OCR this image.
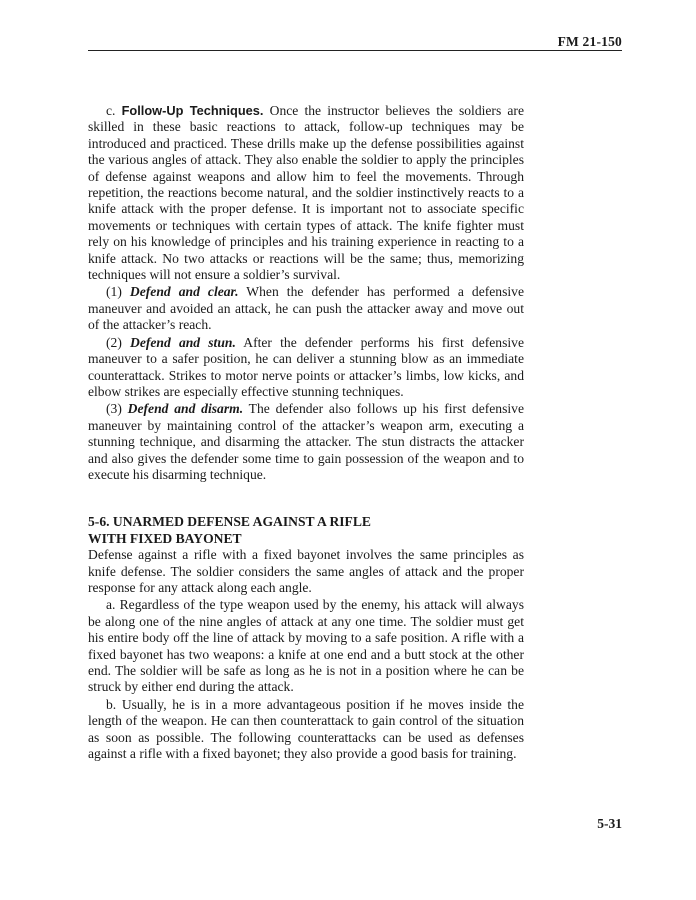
FM 21-150

c. Follow-Up Techniques. Once the instructor believes the soldiers are skilled in these basic reactions to attack, follow-up techniques may be introduced and practiced. These drills make up the defense possibilities against the various angles of attack. They also enable the soldier to apply the principles of defense against weapons and allow him to feel the movements. Through repetition, the reactions become natural, and the soldier instinctively reacts to a knife attack with the proper defense. It is important not to associate specific movements or techniques with certain types of attack. The knife fighter must rely on his knowledge of principles and his training experience in reacting to a knife attack. No two attacks or reactions will be the same; thus, memorizing techniques will not ensure a soldier’s survival.

(1) Defend and clear. When the defender has performed a defensive maneuver and avoided an attack, he can push the attacker away and move out of the attacker’s reach.

(2) Defend and stun. After the defender performs his first defensive maneuver to a safer position, he can deliver a stunning blow as an immediate counterattack. Strikes to motor nerve points or attacker’s limbs, low kicks, and elbow strikes are especially effective stunning techniques.

(3) Defend and disarm. The defender also follows up his first defensive maneuver by maintaining control of the attacker’s weapon arm, executing a stunning technique, and disarming the attacker. The stun distracts the attacker and also gives the defender some time to gain possession of the weapon and to execute his disarming technique.

5-6. UNARMED DEFENSE AGAINST A RIFLE
WITH FIXED BAYONET

Defense against a rifle with a fixed bayonet involves the same principles as knife defense. The soldier considers the same angles of attack and the proper response for any attack along each angle.

a. Regardless of the type weapon used by the enemy, his attack will always be along one of the nine angles of attack at any one time. The soldier must get his entire body off the line of attack by moving to a safe position. A rifle with a fixed bayonet has two weapons: a knife at one end and a butt stock at the other end. The soldier will be safe as long as he is not in a position where he can be struck by either end during the attack.

b. Usually, he is in a more advantageous position if he moves inside the length of the weapon. He can then counterattack to gain control of the situation as soon as possible. The following counterattacks can be used as defenses against a rifle with a fixed bayonet; they also provide a good basis for training.

5-31
